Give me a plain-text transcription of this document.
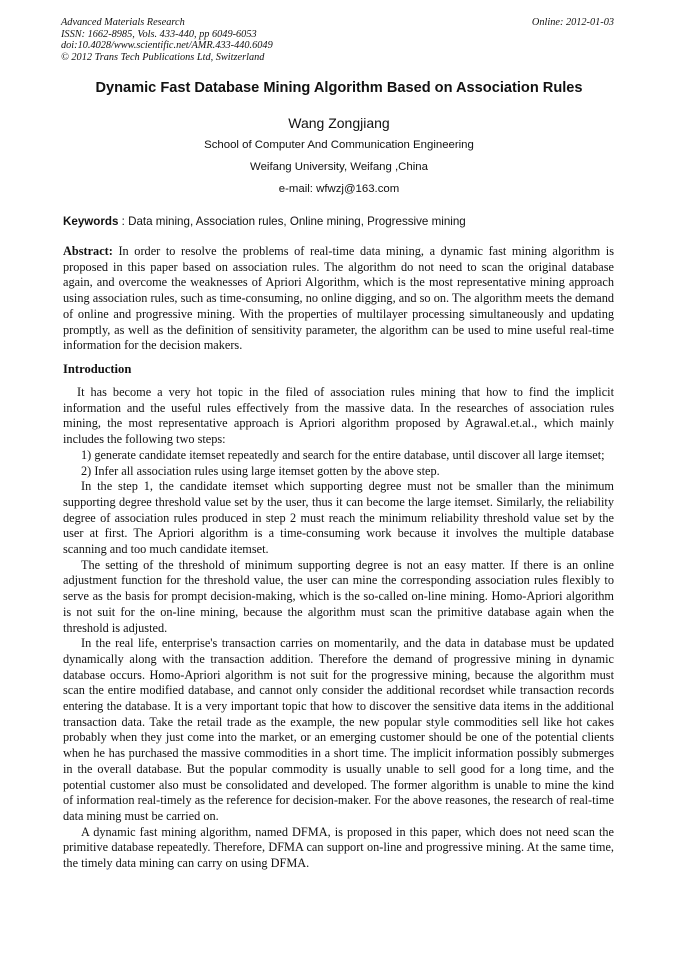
Advanced Materials Research
ISSN: 1662-8985, Vols. 433-440, pp 6049-6053
doi:10.4028/www.scientific.net/AMR.433-440.6049
© 2012 Trans Tech Publications Ltd, Switzerland
Online: 2012-01-03
Dynamic Fast Database Mining Algorithm Based on Association Rules
Wang Zongjiang
School of Computer And Communication Engineering
Weifang University, Weifang ,China
e-mail: wfwzj@163.com
Keywords : Data mining, Association rules, Online mining, Progressive mining
Abstract: In order to resolve the problems of real-time data mining, a dynamic fast mining algorithm is proposed in this paper based on association rules. The algorithm do not need to scan the original database again, and overcome the weaknesses of Apriori Algorithm, which is the most representative mining approach using association rules, such as time-consuming, no online digging, and so on. The algorithm meets the demand of online and progressive mining. With the properties of multilayer processing simultaneously and updating promptly, as well as the definition of sensitivity parameter, the algorithm can be used to mine useful real-time information for the decision makers.
Introduction

It has become a very hot topic in the filed of association rules mining that how to find the implicit information and the useful rules effectively from the massive data. In the researches of association rules mining, the most representative approach is Apriori algorithm proposed by Agrawal.et.al., which mainly includes the following two steps:

1) generate candidate itemset repeatedly and search for the entire database, until discover all large itemset;

2) Infer all association rules using large itemset gotten by the above step.

In the step 1, the candidate itemset which supporting degree must not be smaller than the minimum supporting degree threshold value set by the user, thus it can become the large itemset. Similarly, the reliability degree of association rules produced in step 2 must reach the minimum reliability threshold value set by the user at first. The Apriori algorithm is a time-consuming work because it involves the multiple database scanning and too much candidate itemset.

The setting of the threshold of minimum supporting degree is not an easy matter. If there is an online adjustment function for the threshold value, the user can mine the corresponding association rules flexibly to serve as the basis for prompt decision-making, which is the so-called on-line mining. Homo-Apriori algorithm is not suit for the on-line mining, because the algorithm must scan the primitive database again when the threshold is adjusted.

In the real life, enterprise's transaction carries on momentarily, and the data in database must be updated dynamically along with the transaction addition. Therefore the demand of progressive mining in dynamic database occurs. Homo-Apriori algorithm is not suit for the progressive mining, because the algorithm must scan the entire modified database, and cannot only consider the additional recordset while transaction records entering the database. It is a very important topic that how to discover the sensitive data items in the additional transaction data. Take the retail trade as the example, the new popular style commodities sell like hot cakes probably when they just come into the market, or an emerging customer should be one of the potential clients when he has purchased the massive commodities in a short time. The implicit information possibly submerges in the overall database. But the popular commodity is usually unable to sell good for a long time, and the potential customer also must be consolidated and developed. The former algorithm is unable to mine the kind of information real-timely as the reference for decision-maker. For the above reasones, the research of real-time data mining must be carried on.

A dynamic fast mining algorithm, named DFMA, is proposed in this paper, which does not need scan the primitive database repeatedly. Therefore, DFMA can support on-line and progressive mining. At the same time, the timely data mining can carry on using DFMA.
